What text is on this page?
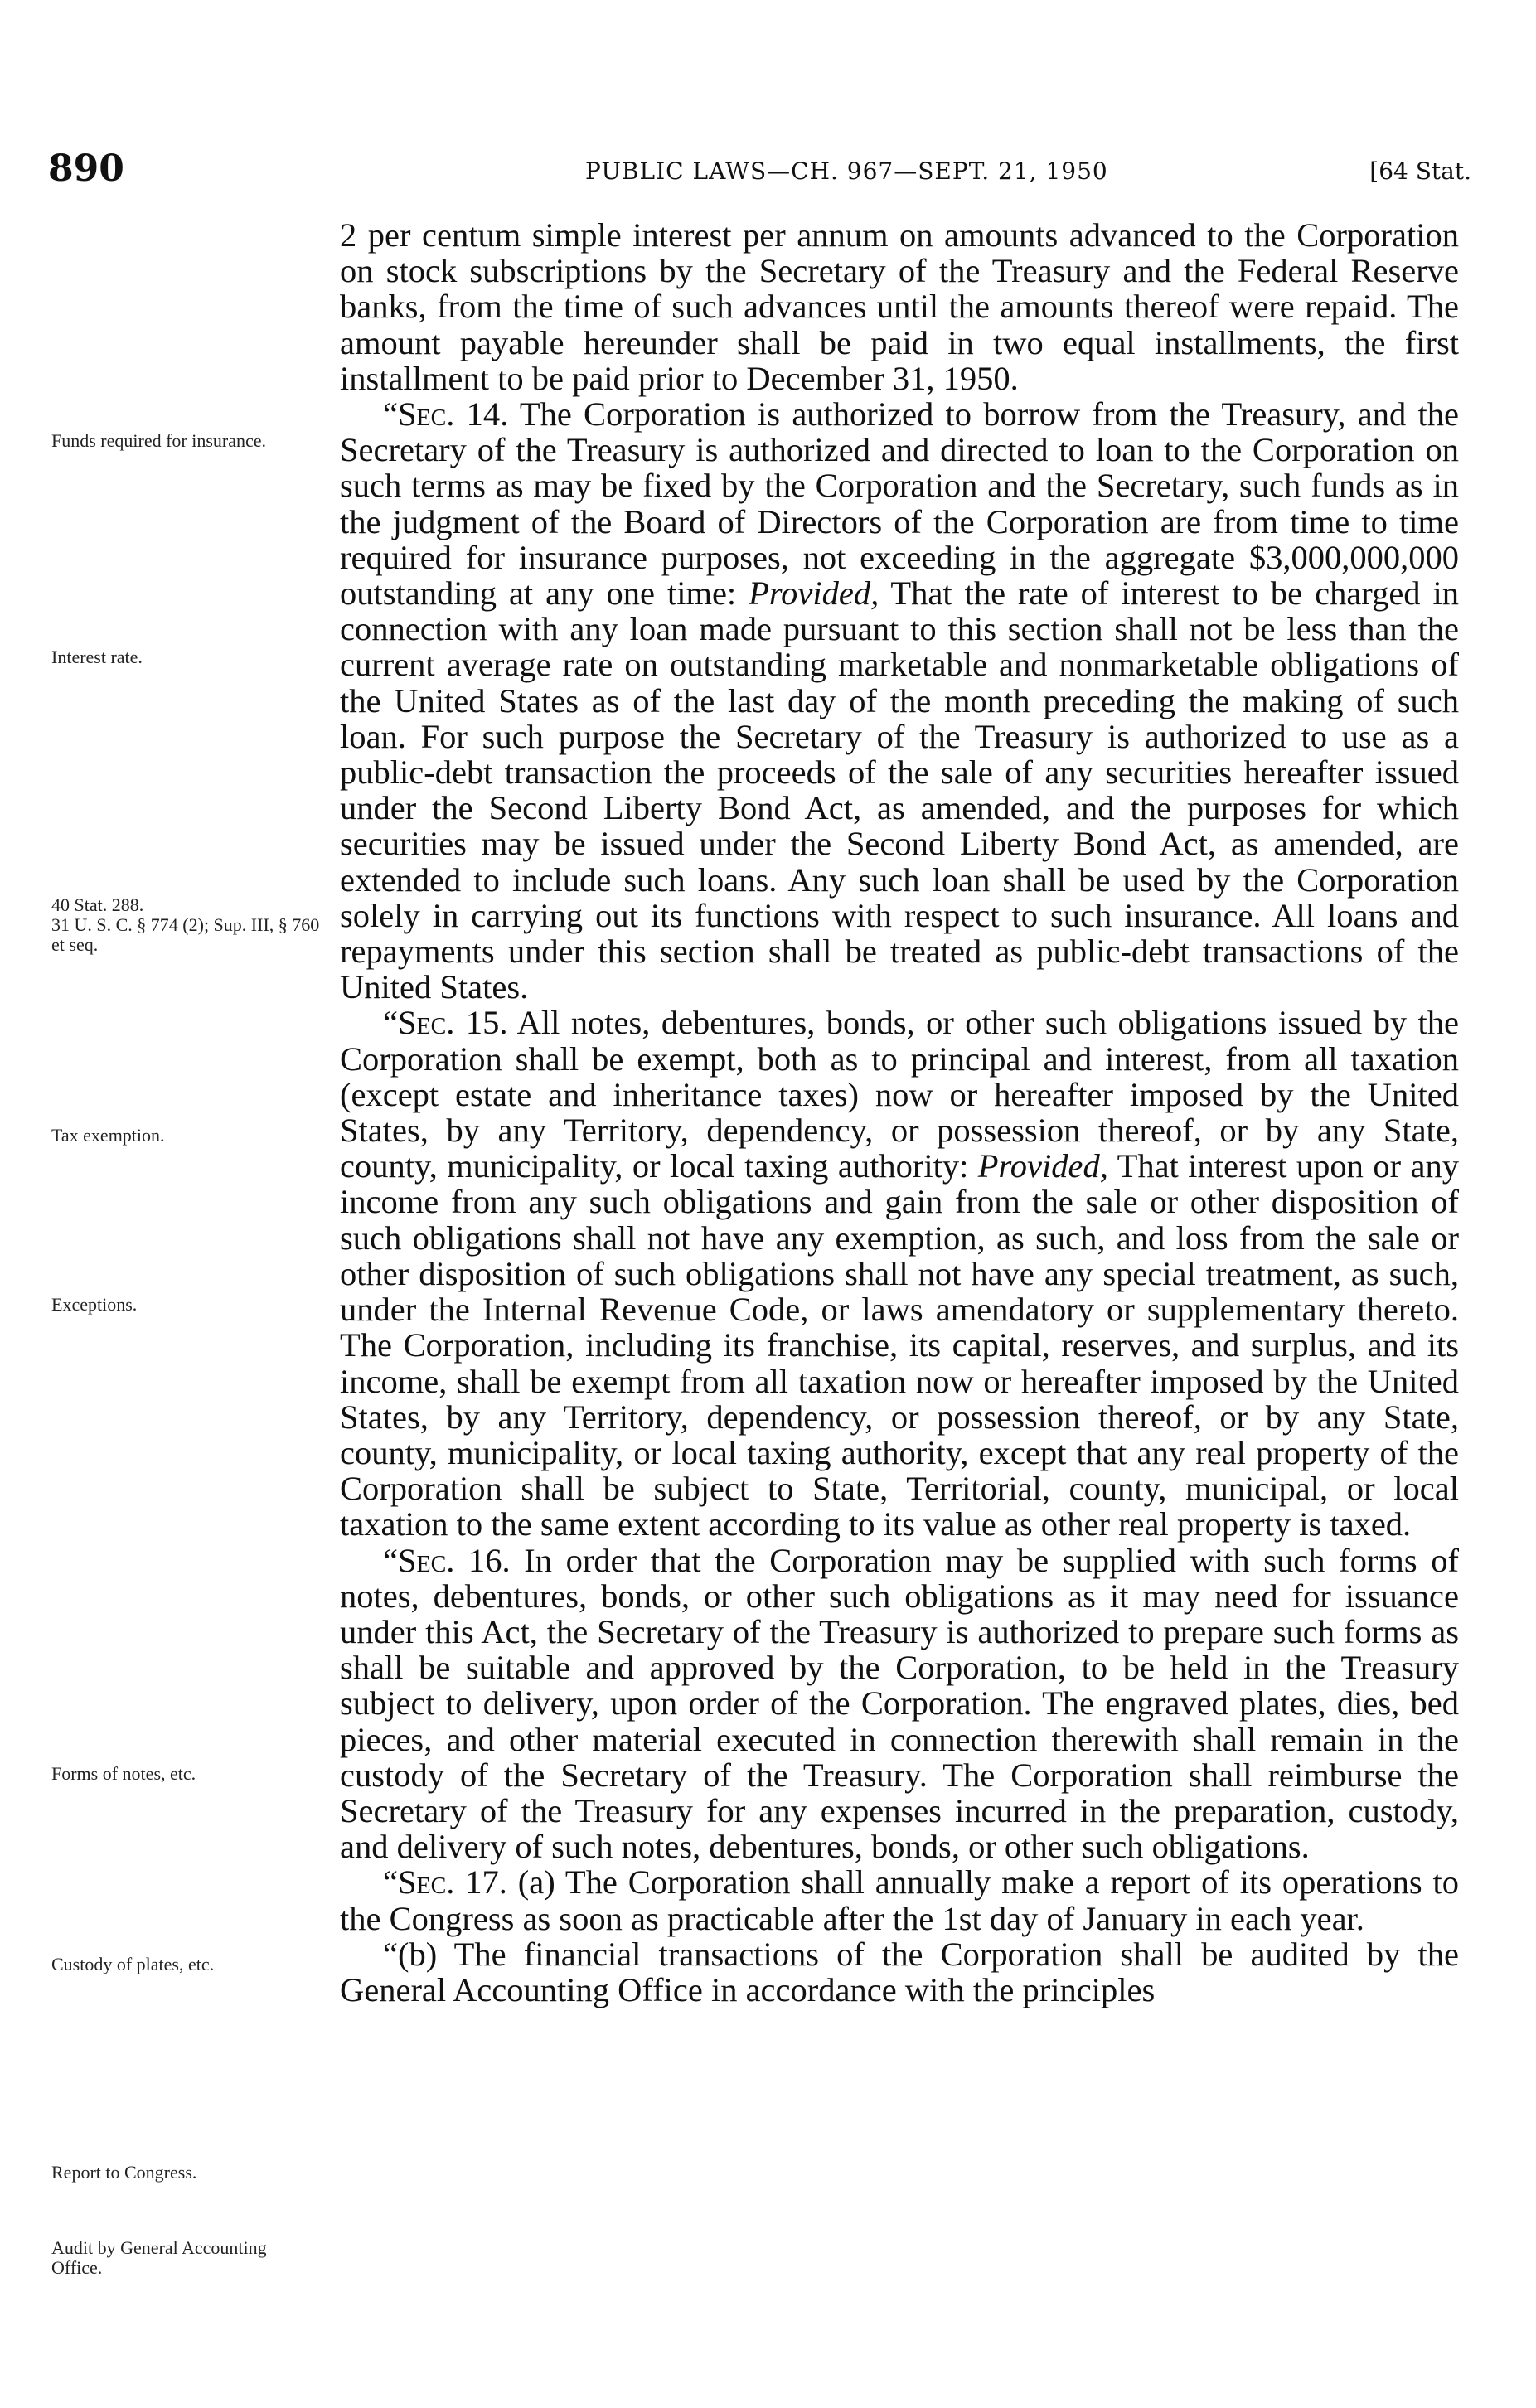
890	PUBLIC LAWS—CH. 967—SEPT. 21, 1950	[64 Stat.
Funds required for insurance.
Interest rate.
40 Stat. 288.
31 U. S. C. § 774 (2); Sup. III, § 760 et seq.
Tax exemption.
Exceptions.
Forms of notes, etc.
Custody of plates, etc.
Report to Congress.
Audit by General Accounting Office.

2 per centum simple interest per annum on amounts advanced to the Corporation on stock subscriptions by the Secretary of the Treasury and the Federal Reserve banks, from the time of such advances until the amounts thereof were repaid. The amount payable hereunder shall be paid in two equal installments, the first installment to be paid prior to December 31, 1950.

“Sec. 14. The Corporation is authorized to borrow from the Treasury, and the Secretary of the Treasury is authorized and directed to loan to the Corporation on such terms as may be fixed by the Corporation and the Secretary, such funds as in the judgment of the Board of Directors of the Corporation are from time to time required for insurance purposes, not exceeding in the aggregate $3,000,000,000 outstanding at any one time: Provided, That the rate of interest to be charged in connection with any loan made pursuant to this section shall not be less than the current average rate on outstanding marketable and nonmarketable obligations of the United States as of the last day of the month preceding the making of such loan. For such purpose the Secretary of the Treasury is authorized to use as a public-debt transaction the proceeds of the sale of any securities hereafter issued under the Second Liberty Bond Act, as amended, and the purposes for which securities may be issued under the Second Liberty Bond Act, as amended, are extended to include such loans. Any such loan shall be used by the Corporation solely in carrying out its functions with respect to such insurance. All loans and repayments under this section shall be treated as public-debt transactions of the United States.

“Sec. 15. All notes, debentures, bonds, or other such obligations issued by the Corporation shall be exempt, both as to principal and interest, from all taxation (except estate and inheritance taxes) now or hereafter imposed by the United States, by any Territory, dependency, or possession thereof, or by any State, county, municipality, or local taxing authority: Provided, That interest upon or any income from any such obligations and gain from the sale or other disposition of such obligations shall not have any exemption, as such, and loss from the sale or other disposition of such obligations shall not have any special treatment, as such, under the Internal Revenue Code, or laws amendatory or supplementary thereto. The Corporation, including its franchise, its capital, reserves, and surplus, and its income, shall be exempt from all taxation now or hereafter imposed by the United States, by any Territory, dependency, or possession thereof, or by any State, county, municipality, or local taxing authority, except that any real property of the Corporation shall be subject to State, Territorial, county, municipal, or local taxation to the same extent according to its value as other real property is taxed.

“Sec. 16. In order that the Corporation may be supplied with such forms of notes, debentures, bonds, or other such obligations as it may need for issuance under this Act, the Secretary of the Treasury is authorized to prepare such forms as shall be suitable and approved by the Corporation, to be held in the Treasury subject to delivery, upon order of the Corporation. The engraved plates, dies, bed pieces, and other material executed in connection therewith shall remain in the custody of the Secretary of the Treasury. The Corporation shall reimburse the Secretary of the Treasury for any expenses incurred in the preparation, custody, and delivery of such notes, debentures, bonds, or other such obligations.

“Sec. 17. (a) The Corporation shall annually make a report of its operations to the Congress as soon as practicable after the 1st day of January in each year.

“(b) The financial transactions of the Corporation shall be audited by the General Accounting Office in accordance with the principles
